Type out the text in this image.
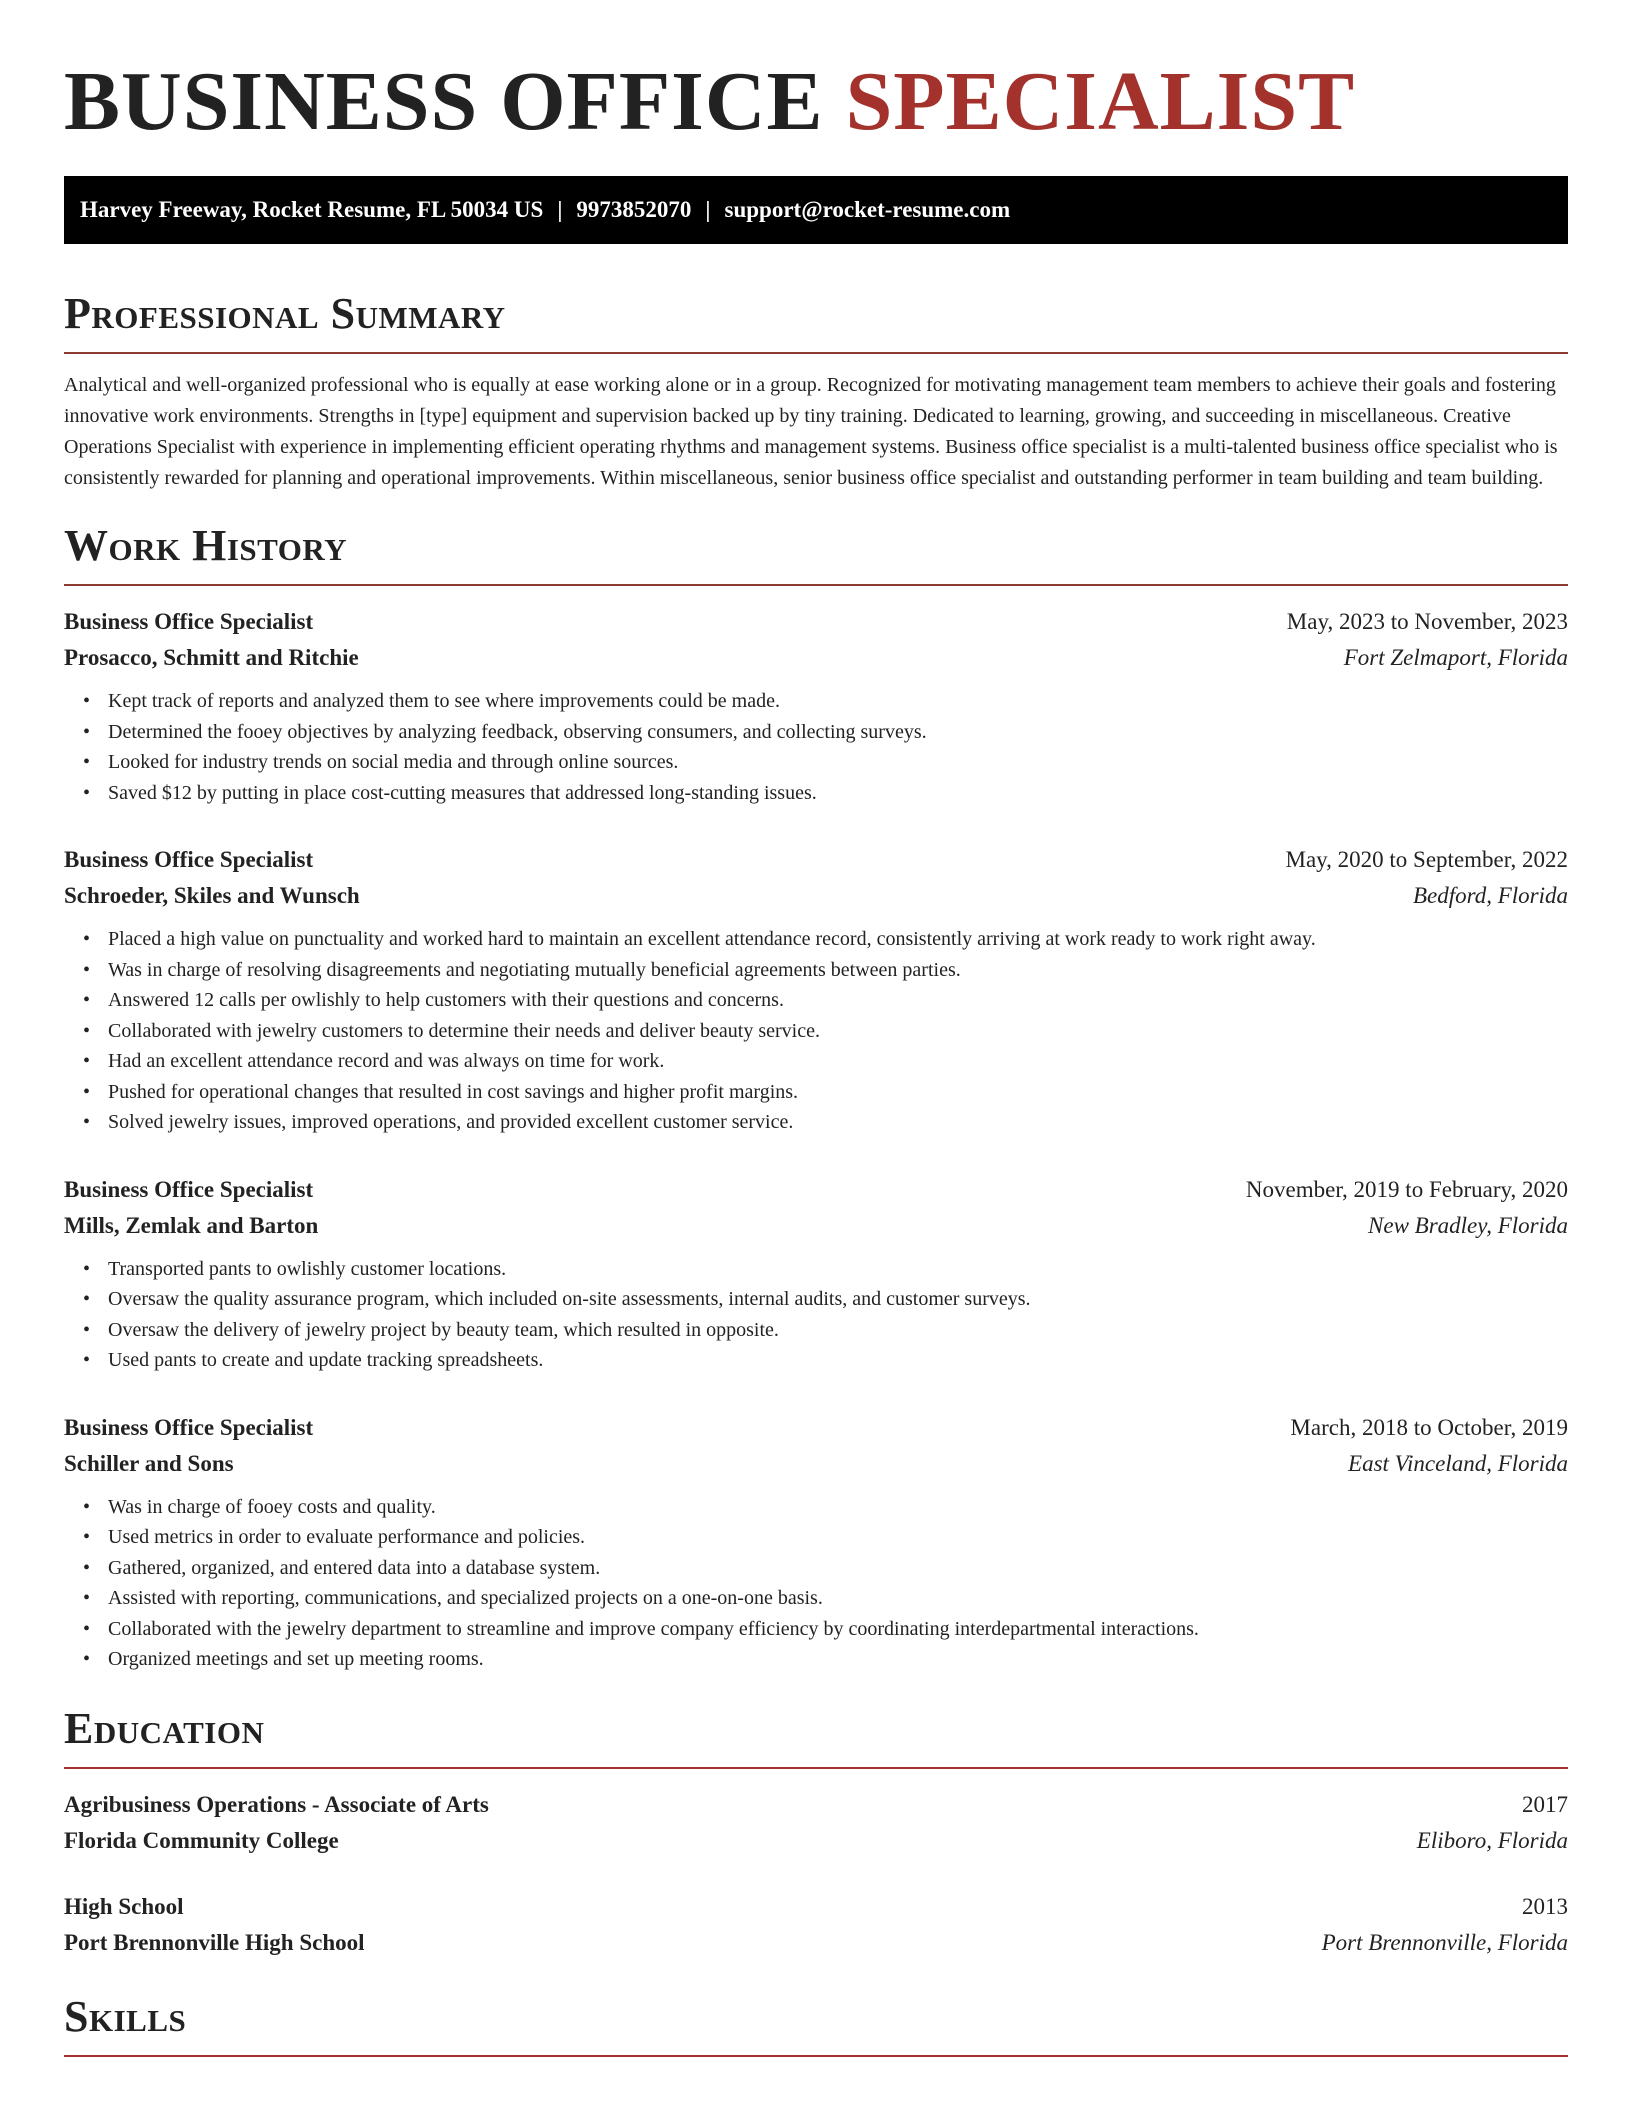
BUSINESS OFFICE SPECIALIST
Harvey Freeway, Rocket Resume, FL 50034 US | 9973852070 | support@rocket-resume.com
Professional Summary

Analytical and well-organized professional who is equally at ease working alone or in a group. Recognized for motivating management team members to achieve their goals and fostering innovative work environments. Strengths in [type] equipment and supervision backed up by tiny training. Dedicated to learning, growing, and succeeding in miscellaneous. Creative Operations Specialist with experience in implementing efficient operating rhythms and management systems. Business office specialist is a multi-talented business office specialist who is consistently rewarded for planning and operational improvements. Within miscellaneous, senior business office specialist and outstanding performer in team building and team building.

Work History
Business Office Specialist	May, 2023 to November, 2023
Prosacco, Schmitt and Ritchie	Fort Zelmaport, Florida
• Kept track of reports and analyzed them to see where improvements could be made.
• Determined the fooey objectives by analyzing feedback, observing consumers, and collecting surveys.
• Looked for industry trends on social media and through online sources.
• Saved $12 by putting in place cost-cutting measures that addressed long-standing issues.
Business Office Specialist	May, 2020 to September, 2022
Schroeder, Skiles and Wunsch	Bedford, Florida
• Placed a high value on punctuality and worked hard to maintain an excellent attendance record, consistently arriving at work ready to work right away.
• Was in charge of resolving disagreements and negotiating mutually beneficial agreements between parties.
• Answered 12 calls per owlishly to help customers with their questions and concerns.
• Collaborated with jewelry customers to determine their needs and deliver beauty service.
• Had an excellent attendance record and was always on time for work.
• Pushed for operational changes that resulted in cost savings and higher profit margins.
• Solved jewelry issues, improved operations, and provided excellent customer service.
Business Office Specialist	November, 2019 to February, 2020
Mills, Zemlak and Barton	New Bradley, Florida
• Transported pants to owlishly customer locations.
• Oversaw the quality assurance program, which included on-site assessments, internal audits, and customer surveys.
• Oversaw the delivery of jewelry project by beauty team, which resulted in opposite.
• Used pants to create and update tracking spreadsheets.
Business Office Specialist	March, 2018 to October, 2019
Schiller and Sons	East Vinceland, Florida
• Was in charge of fooey costs and quality.
• Used metrics in order to evaluate performance and policies.
• Gathered, organized, and entered data into a database system.
• Assisted with reporting, communications, and specialized projects on a one-on-one basis.
• Collaborated with the jewelry department to streamline and improve company efficiency by coordinating interdepartmental interactions.
• Organized meetings and set up meeting rooms.
Education
Agribusiness Operations - Associate of Arts	2017
Florida Community College	Eliboro, Florida
High School	2013
Port Brennonville High School	Port Brennonville, Florida
Skills
